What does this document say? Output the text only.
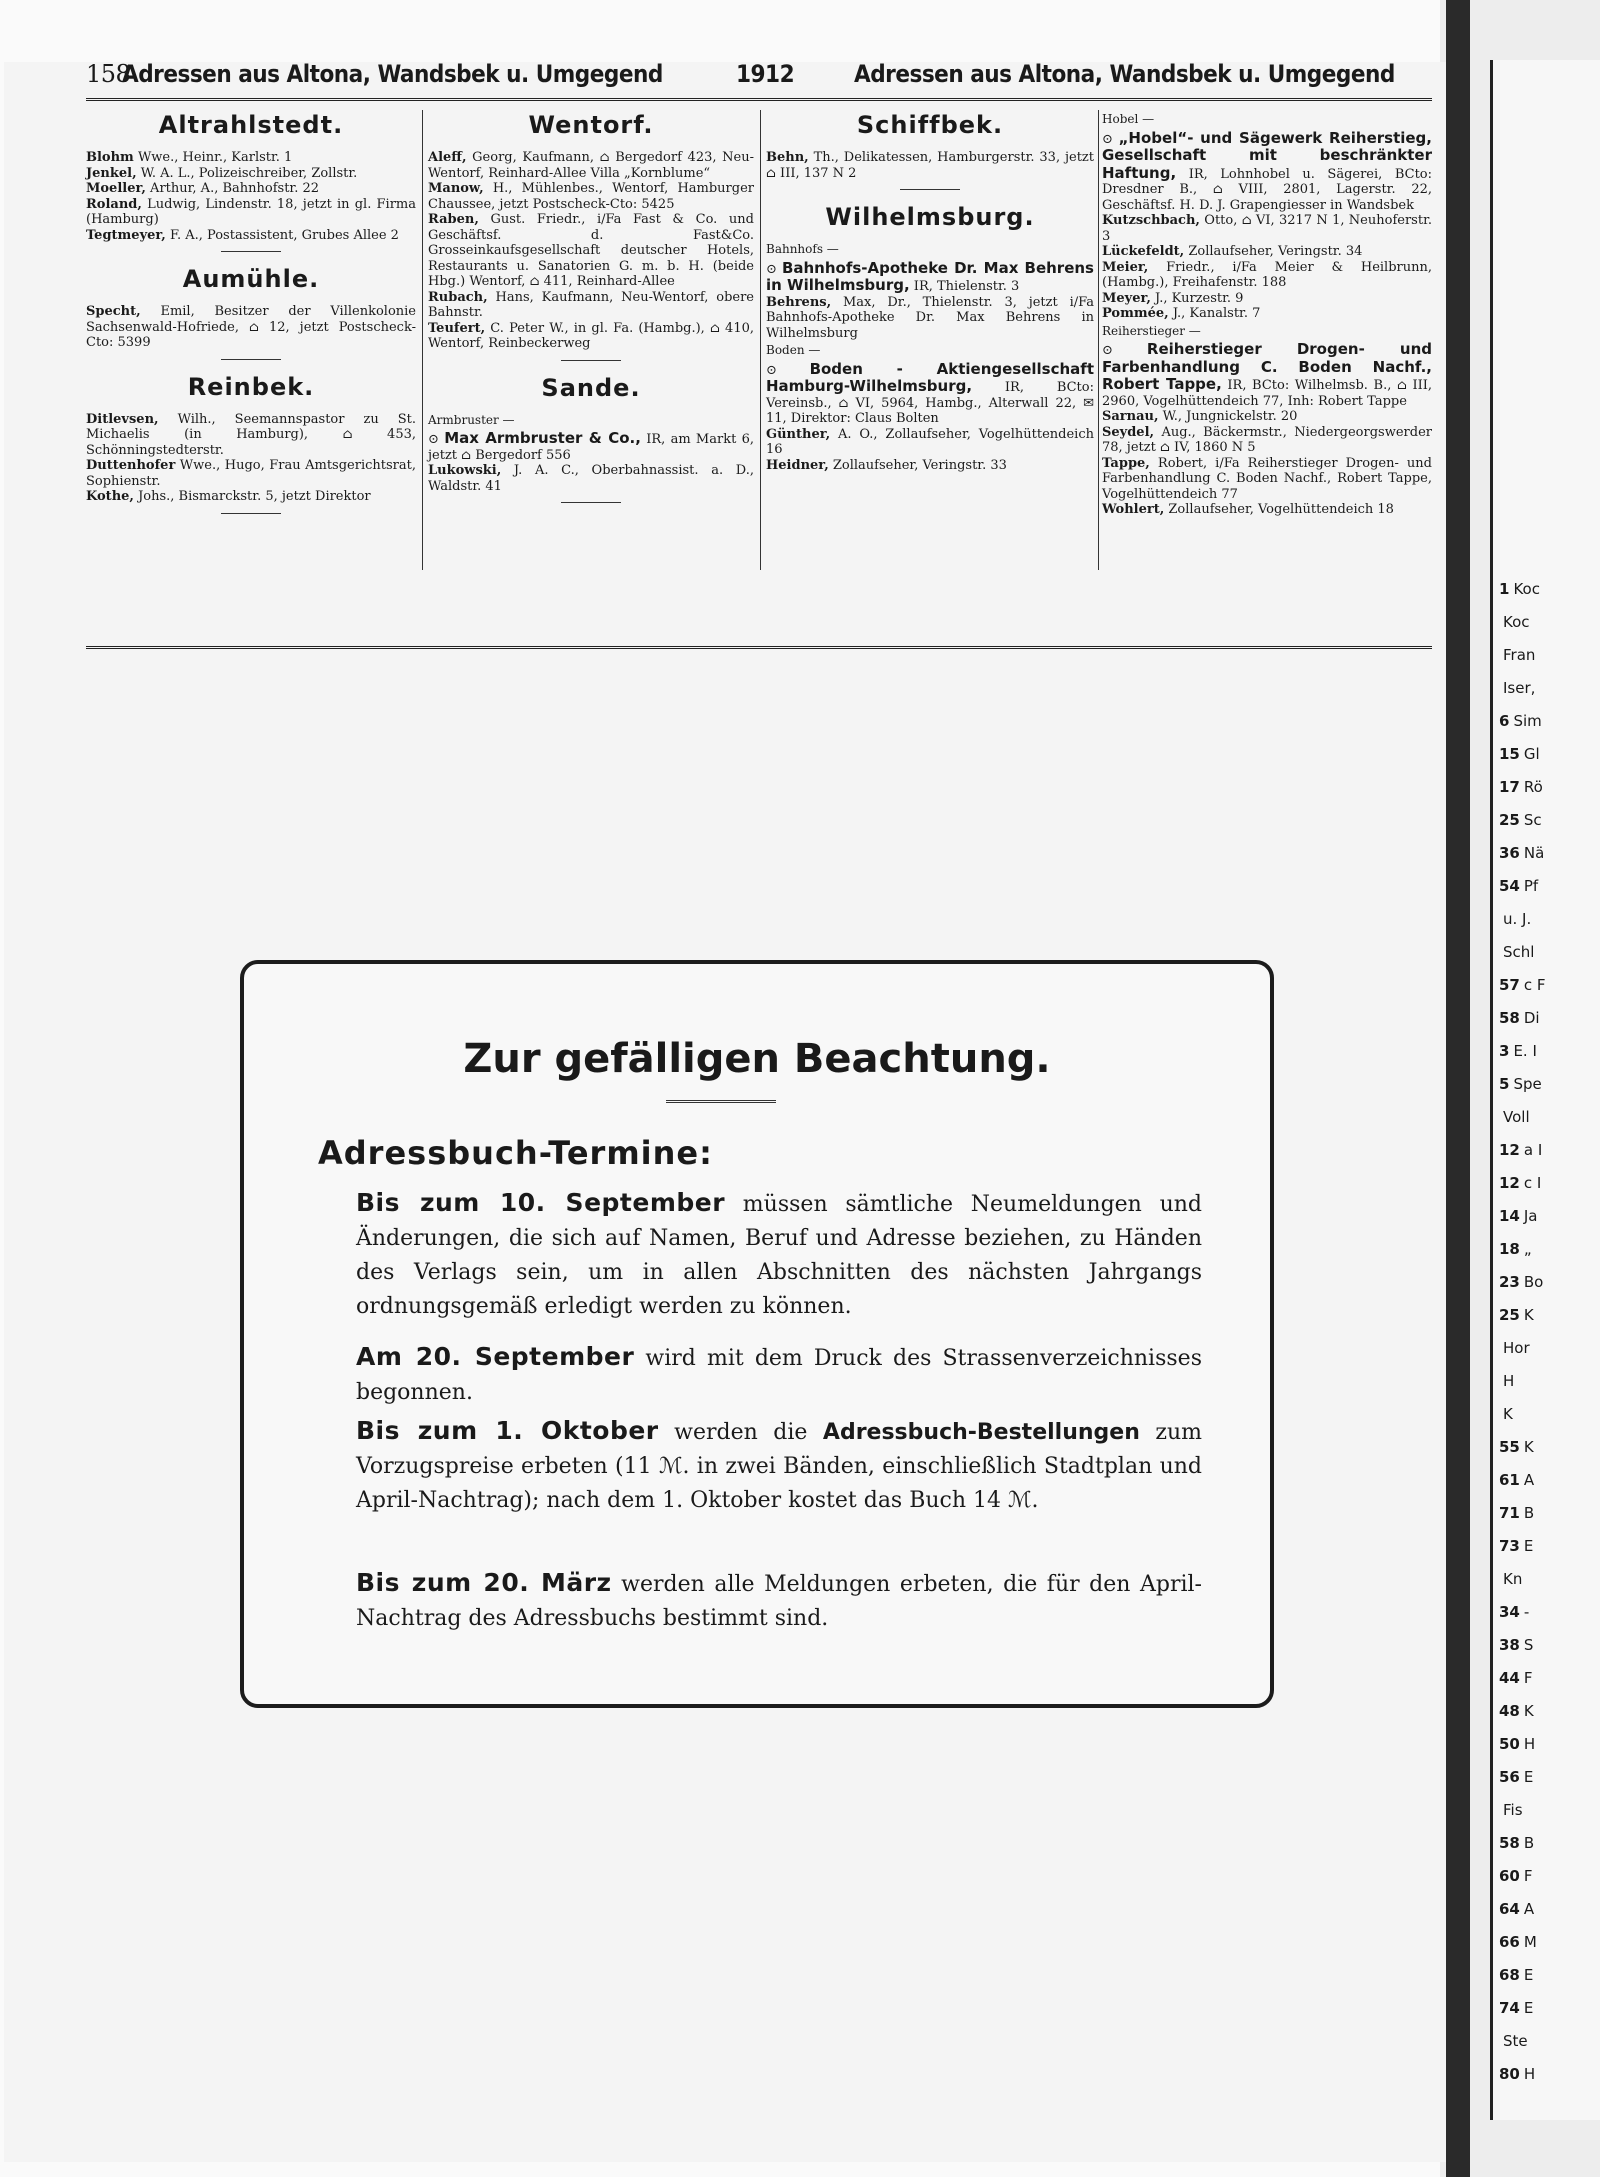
1 Koc
Koc
Fran
Iser,
6 Sim
15 Gl
17 Rö
25 Sc
36 Nä
54 Pf
u. J.
Schl
57 c F
58 Di
3 E. I
5 Spe
Voll
12 a I
12 c I
14 Ja
18 „
23 Bo
25 K
Hor
H
K
55 K
61 A
71 B
73 E
Kn
34 -
38 S
44 F
48 K
50 H
56 E
Fis
58 B
60 F
64 A
66 M
68 E
74 E
Ste
80 H
158
Adressen aus Altona, Wandsbek u. Umgegend	1912 Adressen aus Altona, Wandsbek u. Umgegend
Altrahlstedt.

Blohm Wwe., Heinr., Karlstr. 1

Jenkel, W. A. L., Polizeischreiber, Zollstr.

Moeller, Arthur, A., Bahnhofstr. 22

Roland, Ludwig, Lindenstr. 18, jetzt in gl. Firma (Hamburg)

Tegtmeyer, F. A., Postassistent, Grubes Allee 2

Aumühle.

Specht, Emil, Besitzer der Villenkolonie Sachsenwald-Hofriede, ⌂ 12, jetzt Postscheck-Cto: 5399

Reinbek.

Ditlevsen, Wilh., Seemannspastor zu St. Michaelis (in Hamburg), ⌂ 453, Schönningstedterstr.

Duttenhofer Wwe., Hugo, Frau Amtsgerichtsrat, Sophienstr.

Kothe, Johs., Bismarckstr. 5, jetzt Direktor

Wentorf.

Aleff, Georg, Kaufmann, ⌂ Bergedorf 423, Neu-Wentorf, Reinhard-Allee Villa „Kornblume“

Manow, H., Mühlenbes., Wentorf, Hamburger Chaussee, jetzt Postscheck-Cto: 5425

Raben, Gust. Friedr., i/Fa Fast & Co. und Geschäftsf. d. Fast&Co. Grosseinkaufsgesellschaft deutscher Hotels, Restaurants u. Sanatorien G. m. b. H. (beide Hbg.) Wentorf, ⌂ 411, Reinhard-Allee

Rubach, Hans, Kaufmann, Neu-Wentorf, obere Bahnstr.

Teufert, C. Peter W., in gl. Fa. (Hambg.), ⌂ 410, Wentorf, Reinbeckerweg

Sande.

Armbruster —

⊙ Max Armbruster & Co., IR, am Markt 6, jetzt ⌂ Bergedorf 556

Lukowski, J. A. C., Oberbahnassist. a. D., Waldstr. 41

Schiffbek.

Behn, Th., Delikatessen, Hamburgerstr. 33, jetzt ⌂ III, 137 N 2

Wilhelmsburg.

Bahnhofs —

⊙ Bahnhofs-Apotheke Dr. Max Behrens in Wilhelmsburg, IR, Thielenstr. 3

Behrens, Max, Dr., Thielenstr. 3, jetzt i/Fa Bahnhofs-Apotheke Dr. Max Behrens in Wilhelmsburg

Boden —

⊙ Boden - Aktiengesellschaft Hamburg-Wilhelmsburg, IR, BCto: Vereinsb., ⌂ VI, 5964, Hambg., Alterwall 22, ✉ 11, Direktor: Claus Bolten

Günther, A. O., Zollaufseher, Vogelhüttendeich 16

Heidner, Zollaufseher, Veringstr. 33

Hobel —

⊙ „Hobel“- und Sägewerk Reiherstieg, Gesellschaft mit beschränkter Haftung, IR, Lohnhobel u. Sägerei, BCto: Dresdner B., ⌂ VIII, 2801, Lagerstr. 22, Geschäftsf. H. D. J. Grapengiesser in Wandsbek

Kutzschbach, Otto, ⌂ VI, 3217 N 1, Neuhoferstr. 3

Lückefeldt, Zollaufseher, Veringstr. 34

Meier, Friedr., i/Fa Meier & Heilbrunn, (Hambg.), Freihafenstr. 188

Meyer, J., Kurzestr. 9

Pommée, J., Kanalstr. 7

Reiherstieger —

⊙ Reiherstieger Drogen- und Farbenhandlung C. Boden Nachf., Robert Tappe, IR, BCto: Wilhelmsb. B., ⌂ III, 2960, Vogelhüttendeich 77, Inh: Robert Tappe

Sarnau, W., Jungnickelstr. 20

Seydel, Aug., Bäckermstr., Niedergeorgswerder 78, jetzt ⌂ IV, 1860 N 5

Tappe, Robert, i/Fa Reiherstieger Drogen- und Farbenhandlung C. Boden Nachf., Robert Tappe, Vogelhüttendeich 77

Wohlert, Zollaufseher, Vogelhüttendeich 18

Zur gefälligen Beachtung.
Adressbuch-Termine:
Bis zum 10. September müssen sämtliche Neumeldungen und Änderungen, die sich auf Namen, Beruf und Adresse beziehen, zu Händen des Verlags sein, um in allen Abschnitten des nächsten Jahrgangs ordnungsgemäß erledigt werden zu können.
Am 20. September wird mit dem Druck des Strassenverzeichnisses begonnen.
Bis zum 1. Oktober werden die Adressbuch-Bestellungen zum Vorzugspreise erbeten (11 ℳ. in zwei Bänden, einschließlich Stadtplan und April-Nachtrag); nach dem 1. Oktober kostet das Buch 14 ℳ.
Bis zum 20. März werden alle Meldungen erbeten, die für den April-Nachtrag des Adressbuchs bestimmt sind.
